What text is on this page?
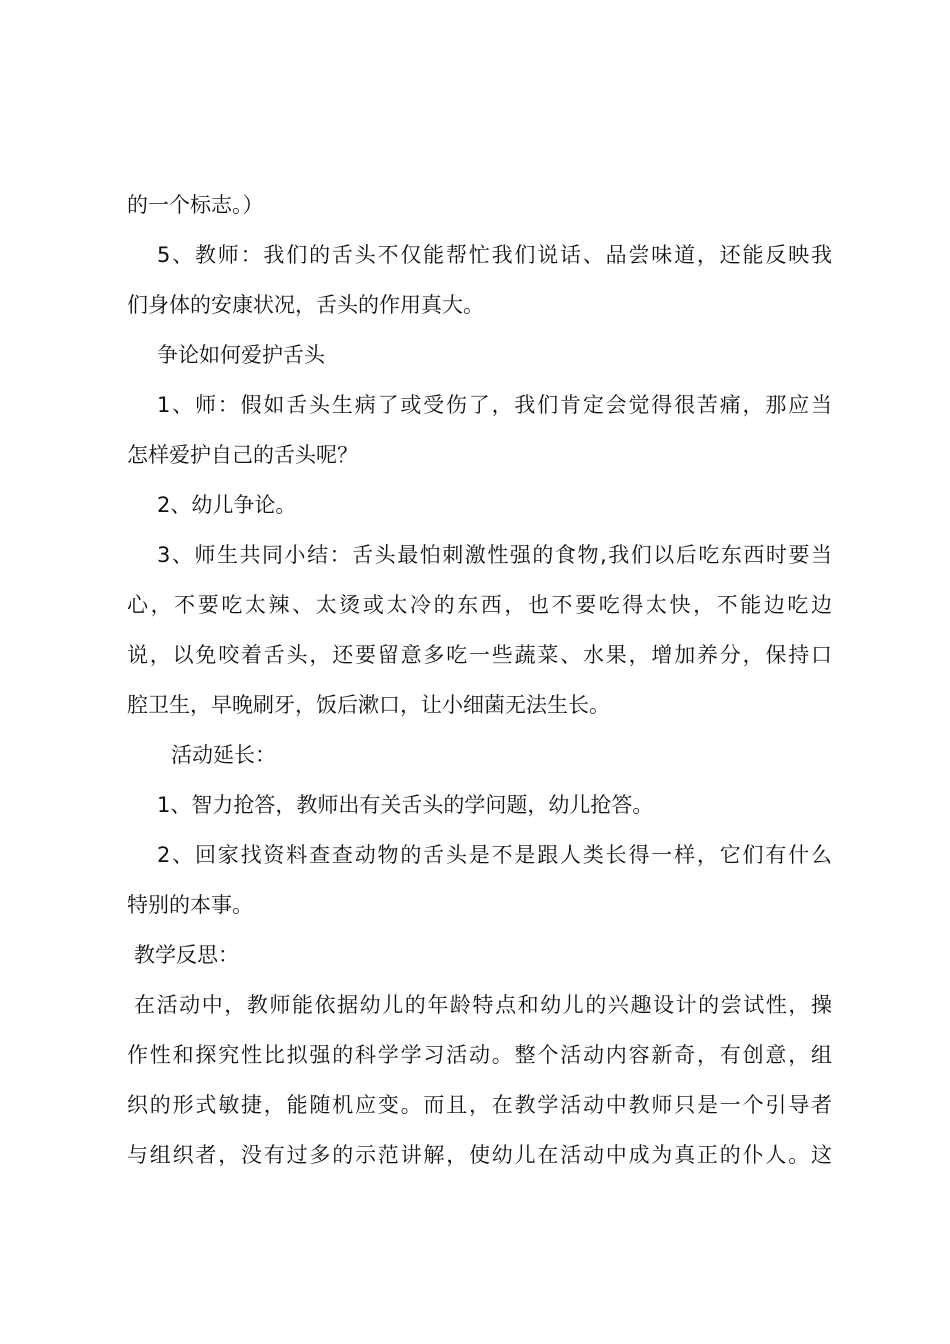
的一个标志。）
5、教师：我们的舌头不仅能帮忙我们说话、品尝味道，还能反映我
们身体的安康状况，舌头的作用真大。
争论如何爱护舌头
1、师：假如舌头生病了或受伤了，我们肯定会觉得很苦痛，那应当
怎样爱护自己的舌头呢？
2、幼儿争论。
3、师生共同小结：舌头最怕刺激性强的食物,我们以后吃东西时要当
心，不要吃太辣、太烫或太冷的东西，也不要吃得太快，不能边吃边
说，以免咬着舌头，还要留意多吃一些蔬菜、水果，增加养分，保持口
腔卫生，早晚刷牙，饭后漱口，让小细菌无法生长。
活动延长：
1、智力抢答，教师出有关舌头的学问题，幼儿抢答。
2、回家找资料查查动物的舌头是不是跟人类长得一样，它们有什么
特别的本事。
教学反思：
在活动中，教师能依据幼儿的年龄特点和幼儿的兴趣设计的尝试性，操
作性和探究性比拟强的科学学习活动。整个活动内容新奇，有创意，组
织的形式敏捷，能随机应变。而且，在教学活动中教师只是一个引导者
与组织者，没有过多的示范讲解，使幼儿在活动中成为真正的仆人。这
